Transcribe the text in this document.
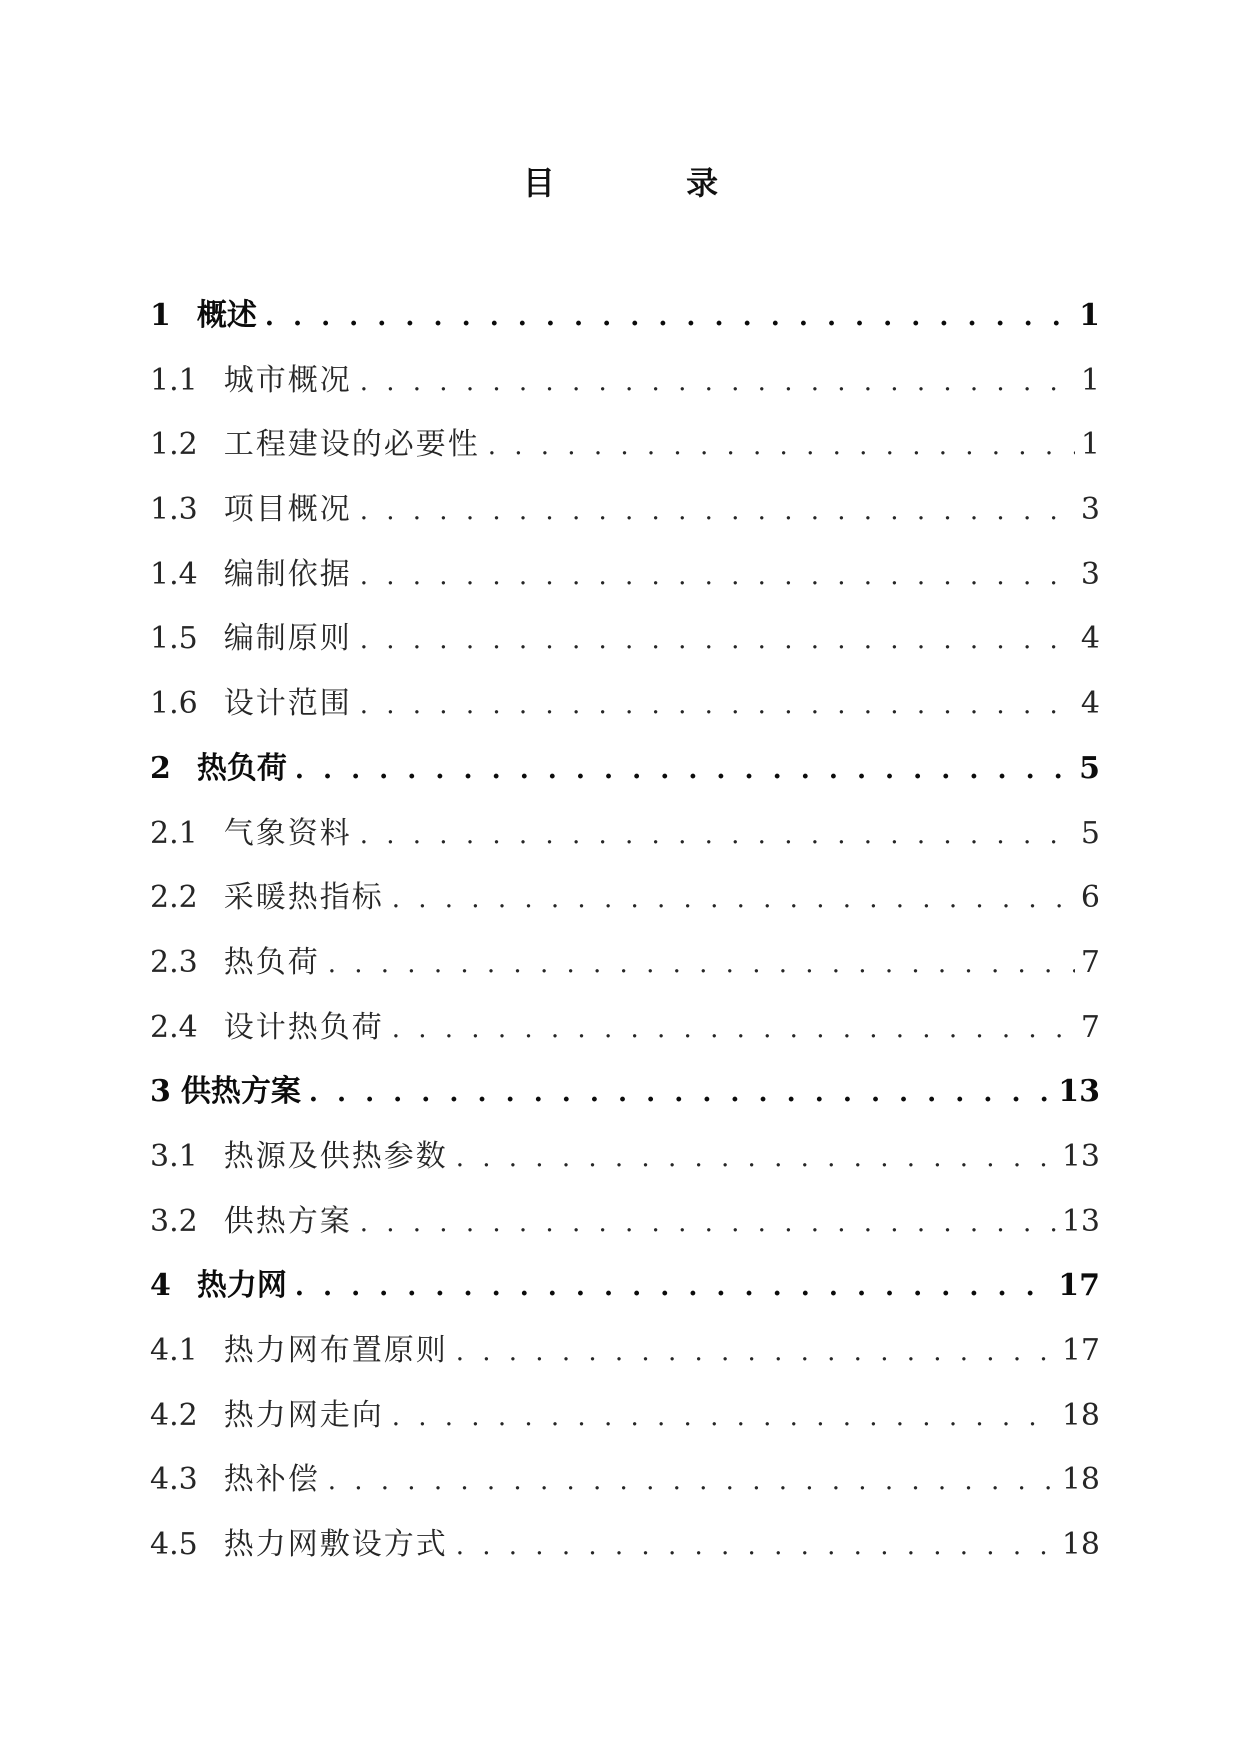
目 录
1 概述 . . .	1
1.1 城市概况 . . .	1
1.2 工程建设的必要性 . . .	1
1.3 项目概况 . . .	3
1.4 编制依据 . . .	3
1.5 编制原则 . . .	4
1.6 设计范围 . . .	4
2 热负荷 . . .	5
2.1 气象资料 . . .	5
2.2 采暖热指标 . . .	6
2.3 热负荷 . . .	7
2.4 设计热负荷 . . .	7
3 供热方案 . . .	13
3.1 热源及供热参数 . . .	13
3.2 供热方案 . . .	13
4 热力网 . . .	17
4.1 热力网布置原则 . . .	17
4.2 热力网走向 . . .	18
4.3 热补偿 . . .	18
4.5 热力网敷设方式 . . .	18
